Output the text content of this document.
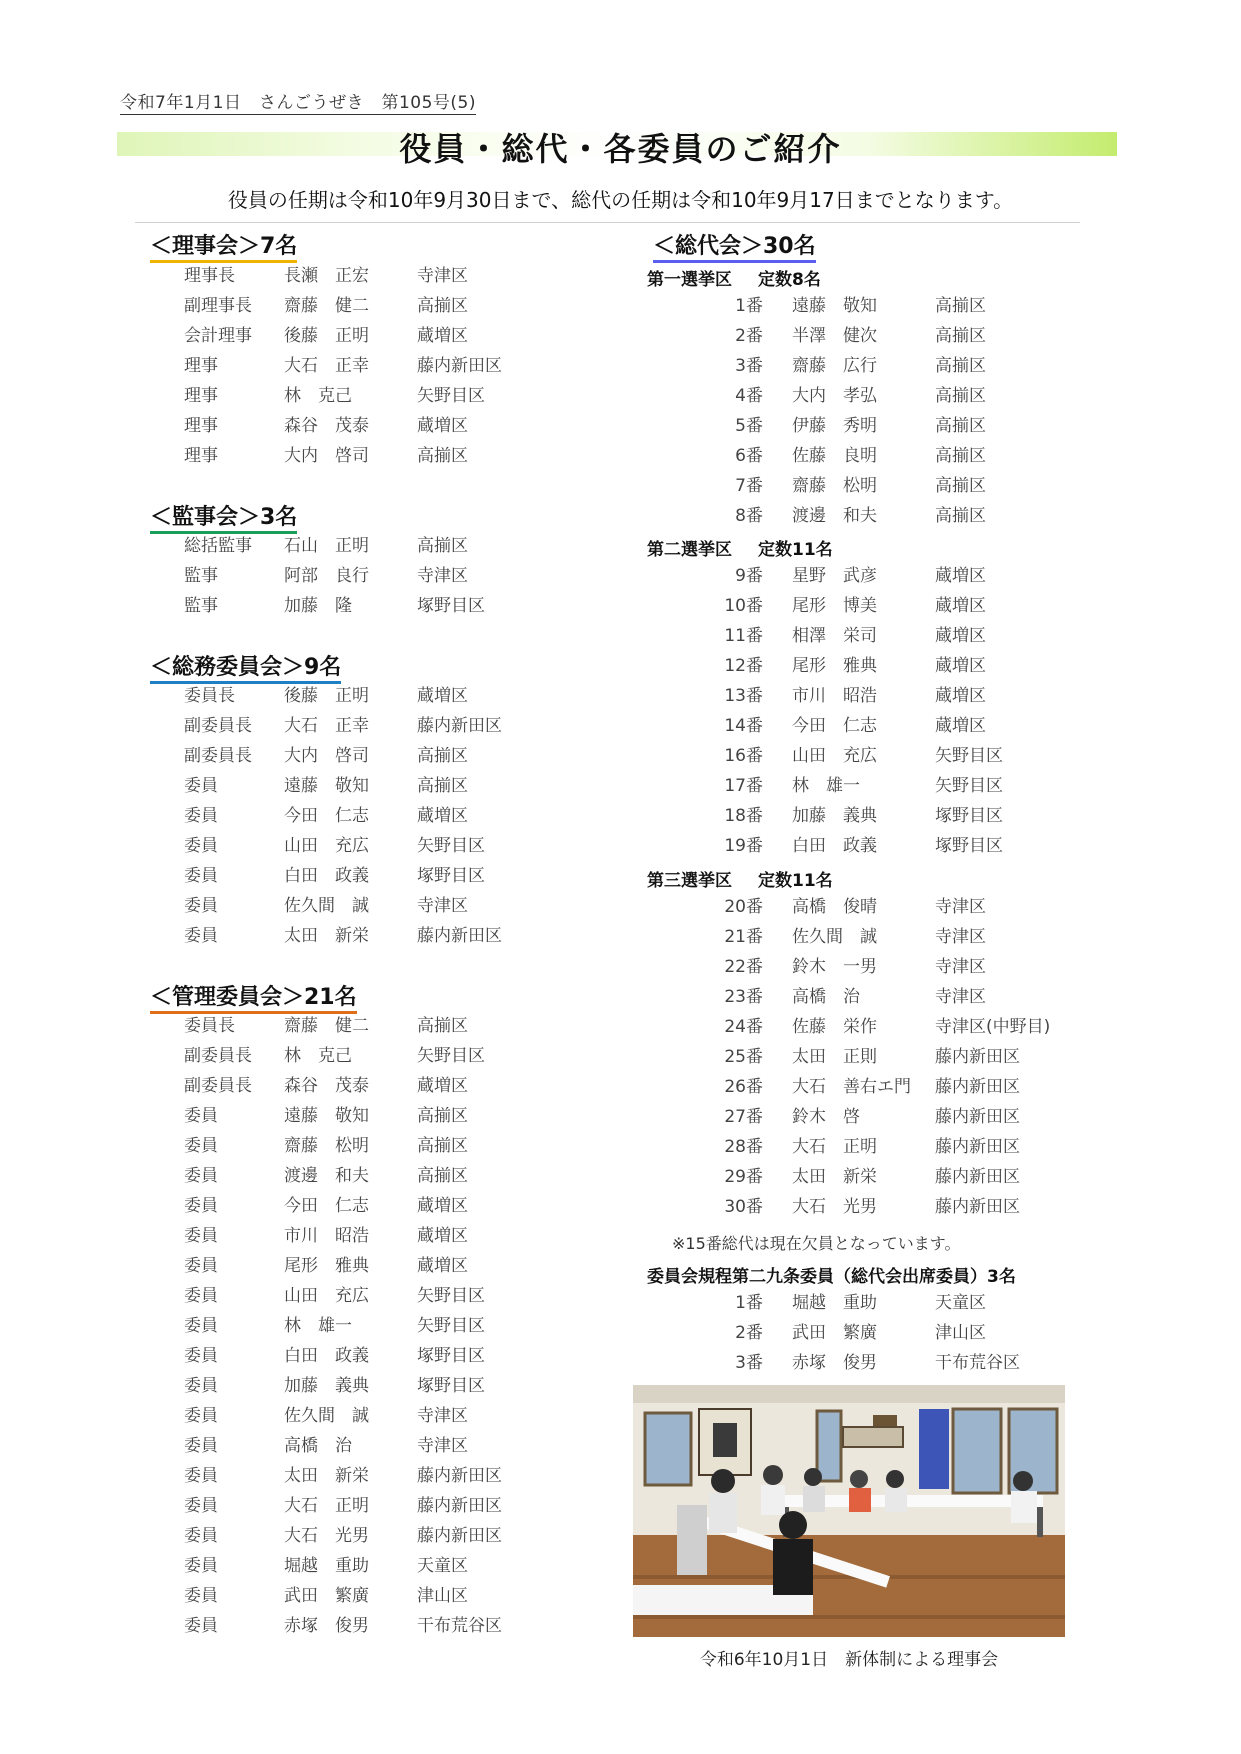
令和7年1月1日　さんごうぜき　第105号(5)
役員・総代・各委員のご紹介
役員の任期は令和10年9月30日まで、総代の任期は令和10年9月17日までとなります。
＜理事会＞7名
理事長	長瀬　正宏	寺津区
副理事長 齋藤　健二	高揃区
会計理事 後藤　正明	蔵増区
理事	大石　正幸	藤内新田区
理事	林　克己	矢野目区
理事	森谷　茂泰	蔵増区
理事	大内　啓司	高揃区
＜監事会＞3名
総括監事 石山　正明	高揃区
監事	阿部　良行	寺津区
監事	加藤　隆	塚野目区
＜総務委員会＞9名
委員長	後藤　正明	蔵増区
副委員長 大石　正幸	藤内新田区
副委員長 大内　啓司	高揃区
委員	遠藤　敬知	高揃区
委員	今田　仁志	蔵増区
委員	山田　充広	矢野目区
委員	白田　政義	塚野目区
委員	佐久間　誠	寺津区
委員	太田　新栄	藤内新田区
＜管理委員会＞21名
委員長	齋藤　健二	高揃区
副委員長 林　克己	矢野目区
副委員長 森谷　茂泰	蔵増区
委員	遠藤　敬知	高揃区
委員	齋藤　松明	高揃区
委員	渡邊　和夫	高揃区
委員	今田　仁志	蔵増区
委員	市川　昭浩	蔵増区
委員	尾形　雅典	蔵増区
委員	山田　充広	矢野目区
委員	林　雄一	矢野目区
委員	白田　政義	塚野目区
委員	加藤　義典	塚野目区
委員	佐久間　誠	寺津区
委員	高橋　治	寺津区
委員	太田　新栄	藤内新田区
委員	大石　正明	藤内新田区
委員	大石　光男	藤内新田区
委員	堀越　重助	天童区
委員	武田　繁廣	津山区
委員	赤塚　俊男	干布荒谷区
＜総代会＞30名
第一選挙区 定数8名
1番 遠藤　敬知	高揃区
2番 半澤　健次	高揃区
3番 齋藤　広行	高揃区
4番 大内　孝弘	高揃区
5番 伊藤　秀明	高揃区
6番 佐藤　良明	高揃区
7番 齋藤　松明	高揃区
8番 渡邊　和夫	高揃区
第二選挙区 定数11名
9番 星野　武彦	蔵増区
10番 尾形　博美	蔵増区
11番 相澤　栄司	蔵増区
12番 尾形　雅典	蔵増区
13番 市川　昭浩	蔵増区
14番 今田　仁志	蔵増区
16番 山田　充広	矢野目区
17番 林　雄一	矢野目区
18番 加藤　義典	塚野目区
19番 白田　政義	塚野目区
第三選挙区 定数11名
20番 高橋　俊晴	寺津区
21番 佐久間　誠	寺津区
22番 鈴木　一男	寺津区
23番 高橋　治	寺津区
24番 佐藤　栄作	寺津区(中野目)
25番 太田　正則	藤内新田区
26番 大石　善右エ門 藤内新田区
27番 鈴木　啓	藤内新田区
28番 大石　正明	藤内新田区
29番 太田　新栄	藤内新田区
30番 大石　光男	藤内新田区
※15番総代は現在欠員となっています。
委員会規程第二九条委員（総代会出席委員）3名
1番 堀越　重助	天童区
2番 武田　繁廣	津山区
3番 赤塚　俊男	干布荒谷区
令和6年10月1日　新体制による理事会
